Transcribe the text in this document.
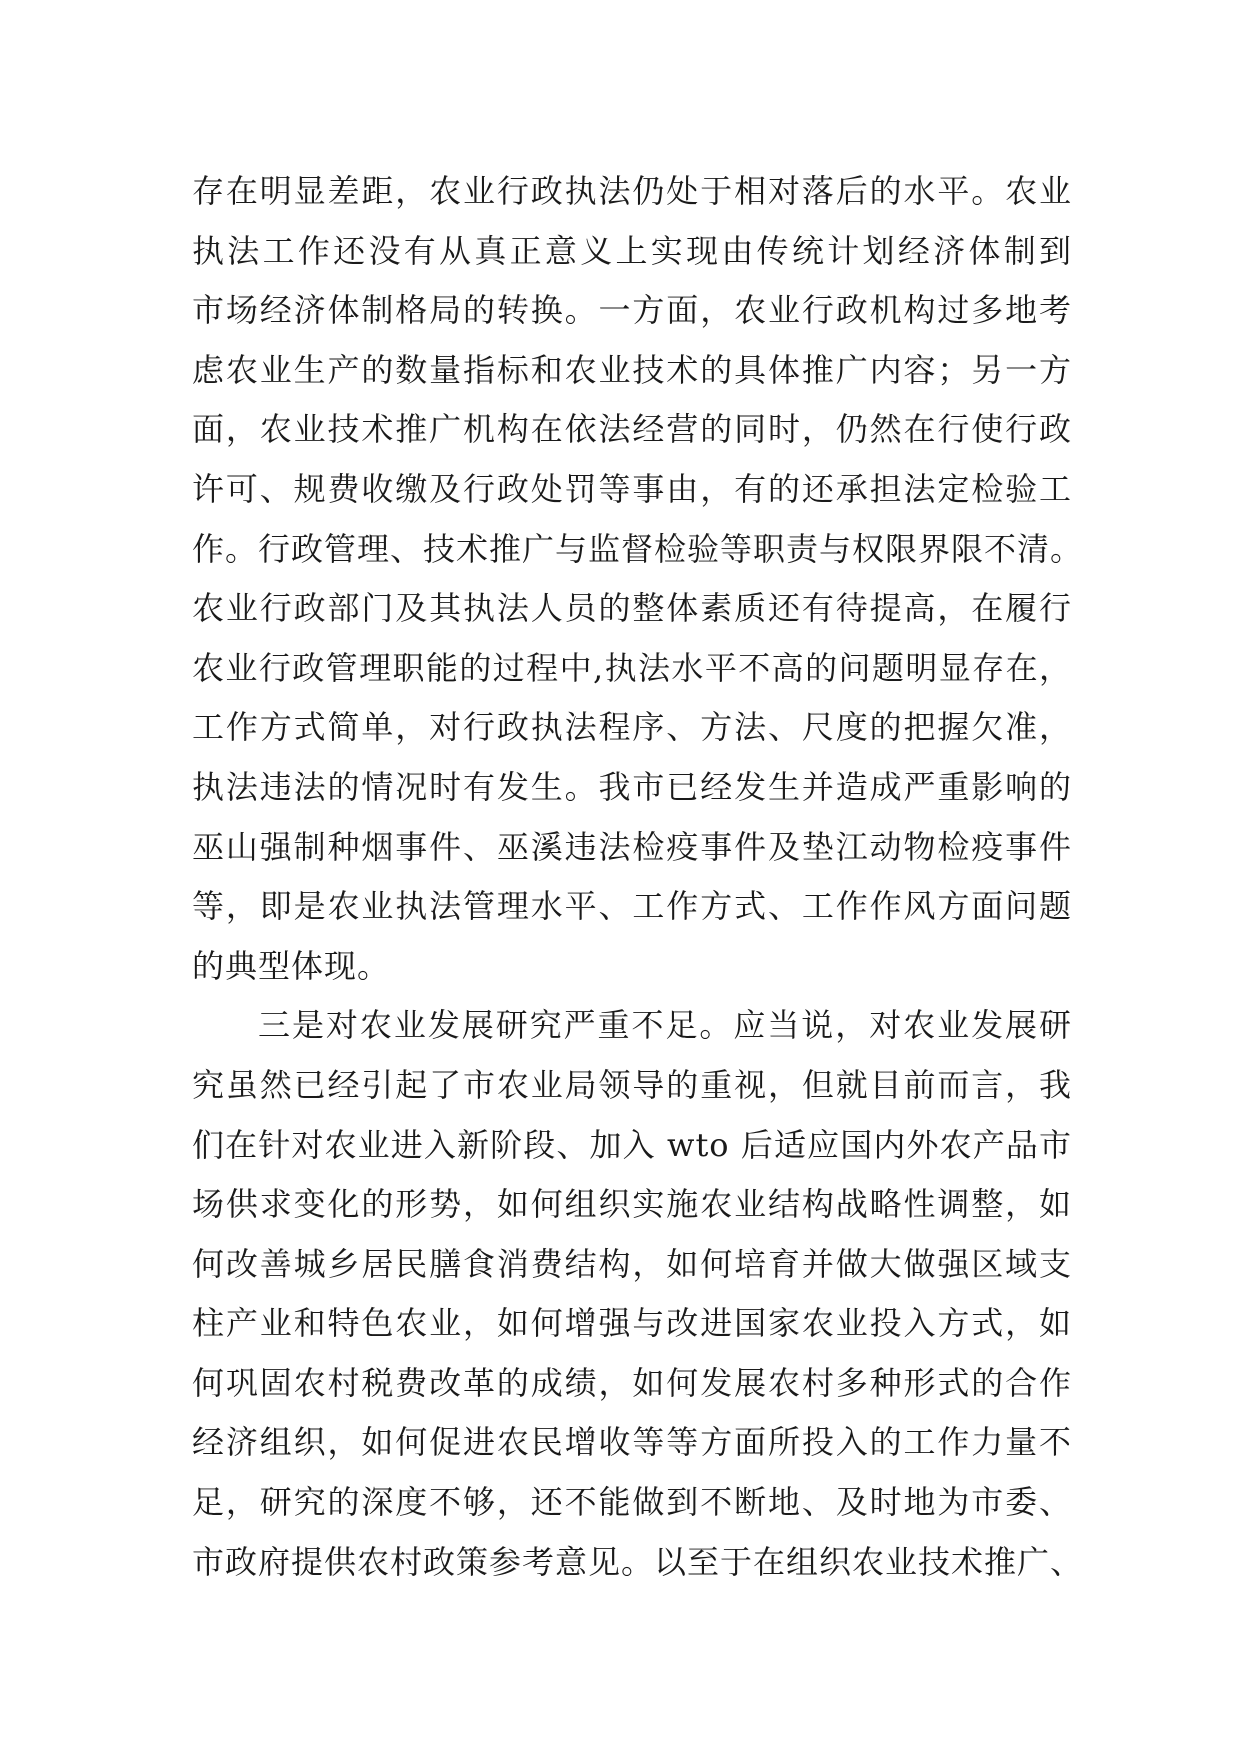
存在明显差距，农业行政执法仍处于相对落后的水平。农业
执法工作还没有从真正意义上实现由传统计划经济体制到
市场经济体制格局的转换。一方面，农业行政机构过多地考
虑农业生产的数量指标和农业技术的具体推广内容；另一方
面，农业技术推广机构在依法经营的同时，仍然在行使行政
许可、规费收缴及行政处罚等事由，有的还承担法定检验工
作。行政管理、技术推广与监督检验等职责与权限界限不清。
农业行政部门及其执法人员的整体素质还有待提高，在履行
农业行政管理职能的过程中,执法水平不高的问题明显存在，
工作方式简单，对行政执法程序、方法、尺度的把握欠准，
执法违法的情况时有发生。我市已经发生并造成严重影响的
巫山强制种烟事件、巫溪违法检疫事件及垫江动物检疫事件
等，即是农业执法管理水平、工作方式、工作作风方面问题
的典型体现。
三是对农业发展研究严重不足。应当说，对农业发展研
究虽然已经引起了市农业局领导的重视，但就目前而言，我
们在针对农业进入新阶段、加入 wto 后适应国内外农产品市
场供求变化的形势，如何组织实施农业结构战略性调整，如
何改善城乡居民膳食消费结构，如何培育并做大做强区域支
柱产业和特色农业，如何增强与改进国家农业投入方式，如
何巩固农村税费改革的成绩，如何发展农村多种形式的合作
经济组织，如何促进农民增收等等方面所投入的工作力量不
足，研究的深度不够，还不能做到不断地、及时地为市委、
市政府提供农村政策参考意见。以至于在组织农业技术推广、
